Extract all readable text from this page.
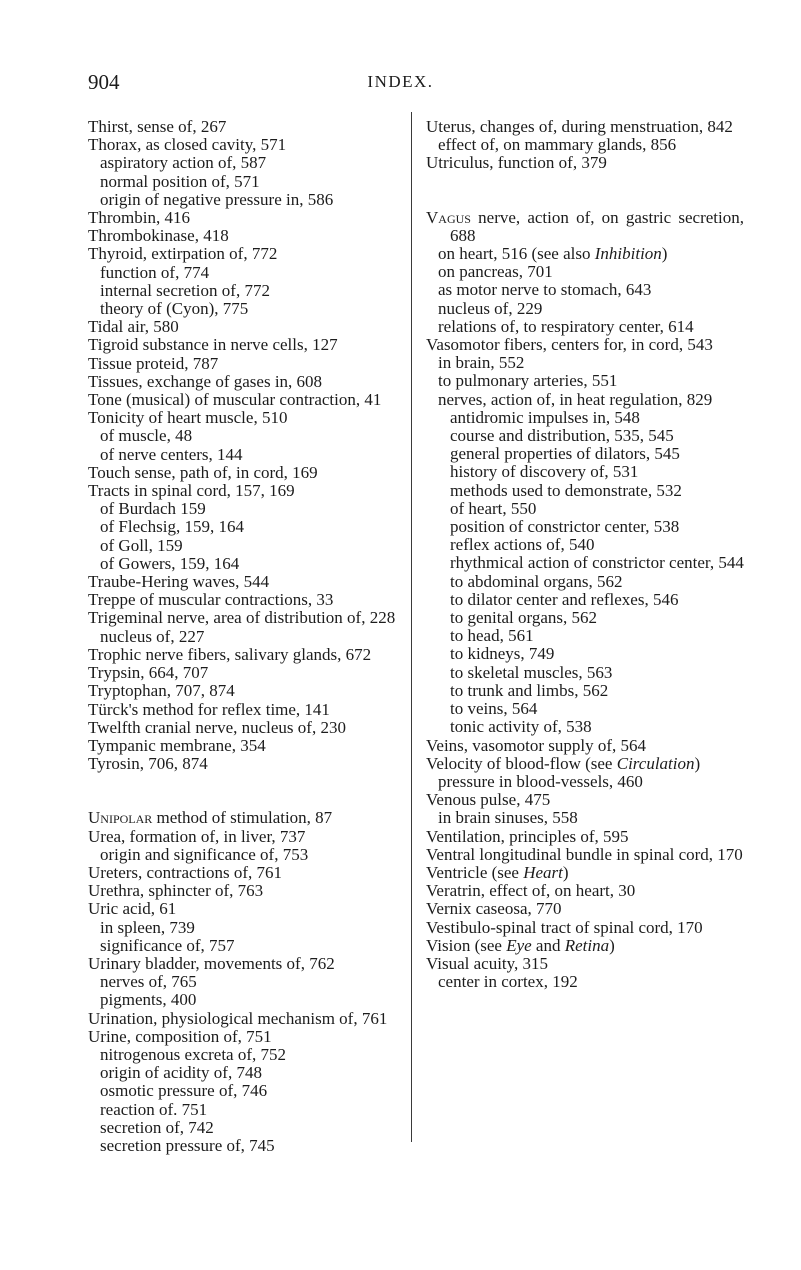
904	INDEX.
Thirst, sense of, 267
Thorax, as closed cavity, 571
aspiratory action of, 587
normal position of, 571
origin of negative pressure in, 586
Thrombin, 416
Thrombokinase, 418
Thyroid, extirpation of, 772
function of, 774
internal secretion of, 772
theory of (Cyon), 775
Tidal air, 580
Tigroid substance in nerve cells, 127
Tissue proteid, 787
Tissues, exchange of gases in, 608
Tone (musical) of muscular contraction, 41
Tonicity of heart muscle, 510
of muscle, 48
of nerve centers, 144
Touch sense, path of, in cord, 169
Tracts in spinal cord, 157, 169
of Burdach 159
of Flechsig, 159, 164
of Goll, 159
of Gowers, 159, 164
Traube-Hering waves, 544
Treppe of muscular contractions, 33
Trigeminal nerve, area of distribution of, 228
nucleus of, 227
Trophic nerve fibers, salivary glands, 672
Trypsin, 664, 707
Tryptophan, 707, 874
Türck's method for reflex time, 141
Twelfth cranial nerve, nucleus of, 230
Tympanic membrane, 354
Tyrosin, 706, 874
Unipolar method of stimulation, 87
Urea, formation of, in liver, 737
origin and significance of, 753
Ureters, contractions of, 761
Urethra, sphincter of, 763
Uric acid, 61
in spleen, 739
significance of, 757
Urinary bladder, movements of, 762
nerves of, 765
pigments, 400
Urination, physiological mechanism of, 761
Urine, composition of, 751
nitrogenous excreta of, 752
origin of acidity of, 748
osmotic pressure of, 746
reaction of. 751
secretion of, 742
secretion pressure of, 745
Uterus, changes of, during menstruation, 842
effect of, on mammary glands, 856
Utriculus, function of, 379
Vagus nerve, action of, on gastric secretion, 688
on heart, 516 (see also Inhibition)
on pancreas, 701
as motor nerve to stomach, 643
nucleus of, 229
relations of, to respiratory center, 614
Vasomotor fibers, centers for, in cord, 543
in brain, 552
to pulmonary arteries, 551
nerves, action of, in heat regulation, 829
antidromic impulses in, 548
course and distribution, 535, 545
general properties of dilators, 545
history of discovery of, 531
methods used to demonstrate, 532
of heart, 550
position of constrictor center, 538
reflex actions of, 540
rhythmical action of constrictor center, 544
to abdominal organs, 562
to dilator center and reflexes, 546
to genital organs, 562
to head, 561
to kidneys, 749
to skeletal muscles, 563
to trunk and limbs, 562
to veins, 564
tonic activity of, 538
Veins, vasomotor supply of, 564
Velocity of blood-flow (see Circulation)
pressure in blood-vessels, 460
Venous pulse, 475
in brain sinuses, 558
Ventilation, principles of, 595
Ventral longitudinal bundle in spinal cord, 170
Ventricle (see Heart)
Veratrin, effect of, on heart, 30
Vernix caseosa, 770
Vestibulo-spinal tract of spinal cord, 170
Vision (see Eye and Retina)
Visual acuity, 315
center in cortex, 192
